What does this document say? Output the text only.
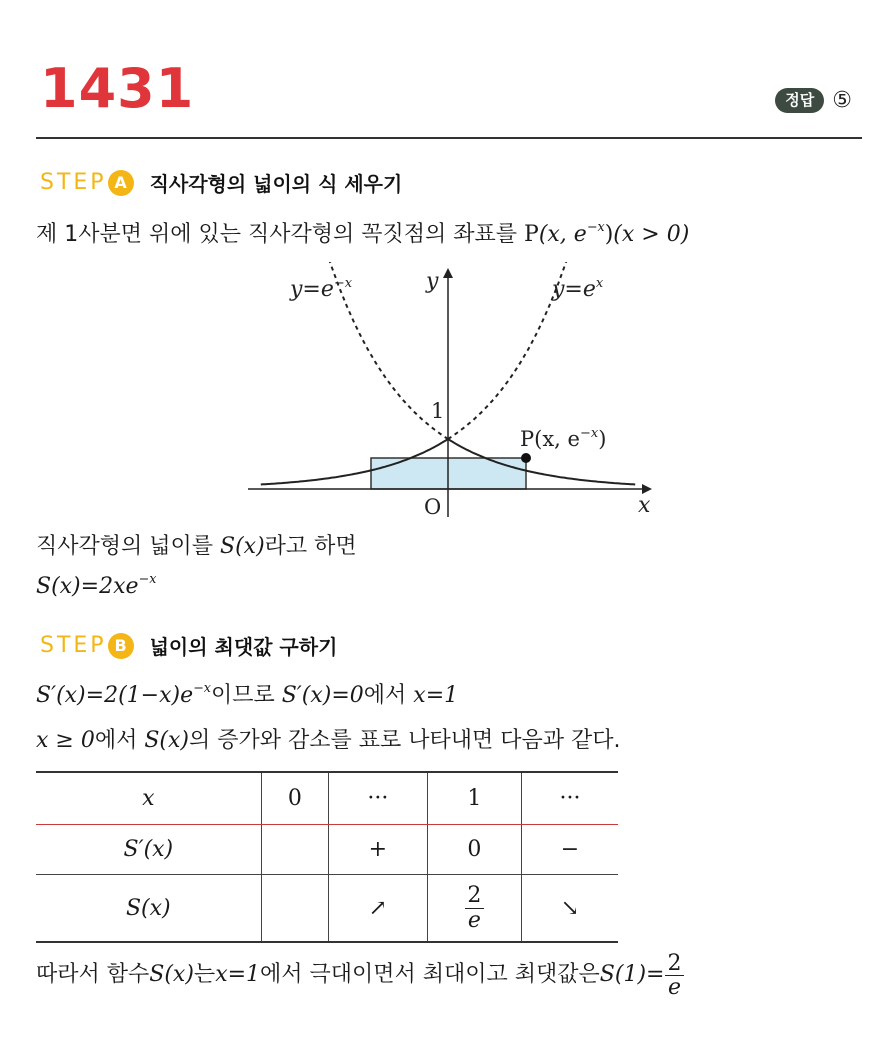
1431	정답 ⑤
STEP A	직사각형의 넓이의 식 세우기
제 1사분면 위에 있는 직사각형의 꼭짓점의 좌표를 P(x, $e^{-x})(x > 0)$
$y=e^{-x}$	$y=e^x$
y
x
O
1
P(x, $e^{-x}$)
직사각형의 넓이를 S(x)라고 하면
$S(x)=2xe^{-x}$
STEP B	넓이의 최댓값 구하기
$S'(x)=2(1-x)e^{-x}$이므로 S′(x)=0에서 x=1
x ≥ 0에서 S(x)의 증가와 감소를 표로 나타내면 다음과 같다.
x	0	···	1	···
S′(x)		+	0	−
S(x)		↗	$\frac{2}{e}$	↘
따라서 함수 S(x) 는 x=1 에서 극대이면서 최대이고 최댓값은 $S(1)= \frac{2}{e}$
